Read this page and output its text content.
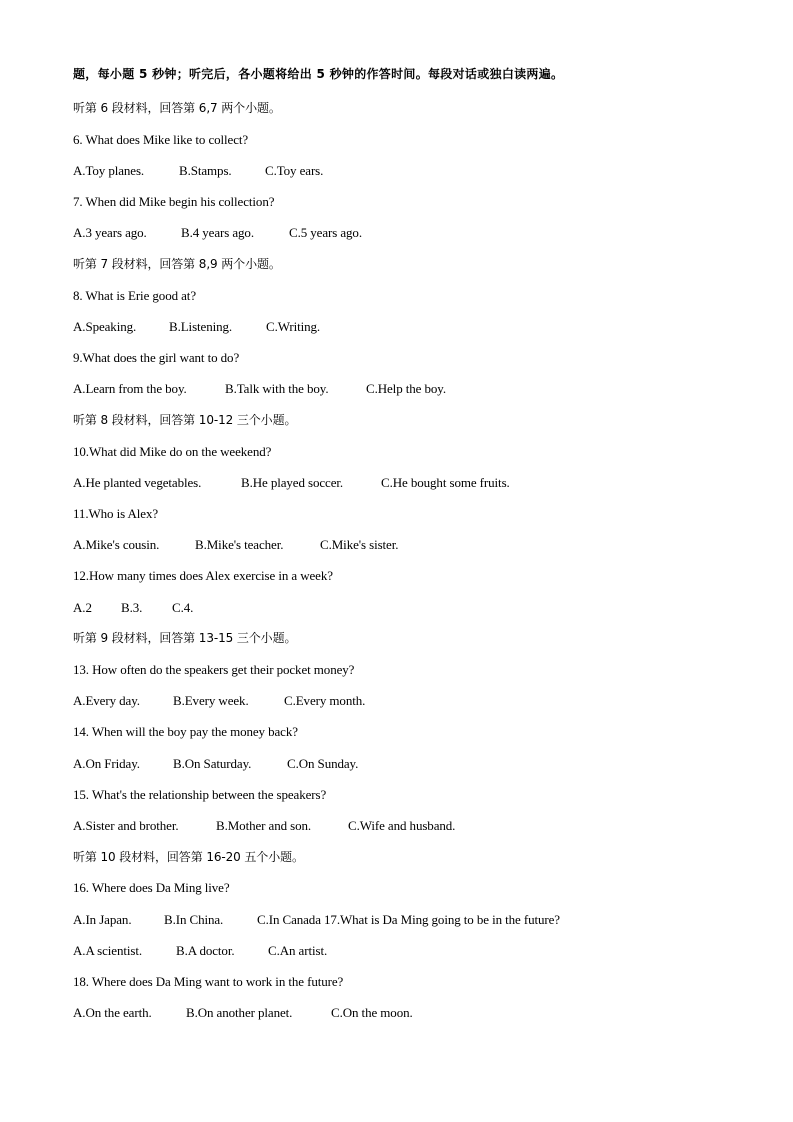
题，每小题 5 秒钟；听完后，各小题将给出 5 秒钟的作答时间。每段对话或独白读两遍。
听第 6 段材料，回答第 6,7 两个小题。
6. What does Mike like to collect?
A.Toy planes.	B.Stamps.	C.Toy ears.
7. When did Mike begin his collection?
A.3 years ago.	B.4 years ago.	C.5 years ago.
听第 7 段材料，回答第 8,9 两个小题。
8. What is Erie good at?
A.Speaking.	B.Listening.	C.Writing.
9.What does the girl want to do?
A.Learn from the boy.	B.Talk with the boy.	C.Help the boy.
听第 8 段材料，回答第 10-12 三个小题。
10.What did Mike do on the weekend?
A.He planted vegetables.	B.He played soccer.	C.He bought some fruits.
11.Who is Alex?
A.Mike's cousin.	B.Mike's teacher.	C.Mike's sister.
12.How many times does Alex exercise in a week?
A.2 B.3. C.4.
听第 9 段材料，回答第 13-15 三个小题。
13. How often do the speakers get their pocket money?
A.Every day.	B.Every week.	C.Every month.
14. When will the boy pay the money back?
A.On Friday.	B.On Saturday.	C.On Sunday.
15. What's the relationship between the speakers?
A.Sister and brother.	B.Mother and son.	C.Wife and husband.
听第 10 段材料，回答第 16-20 五个小题。
16. Where does Da Ming live?
A.In Japan.	B.In China.	C.In Canada 17.What is Da Ming going to be in the future?
A.A scientist.	B.A doctor.	C.An artist.
18. Where does Da Ming want to work in the future?
A.On the earth.	B.On another planet.	C.On the moon.
